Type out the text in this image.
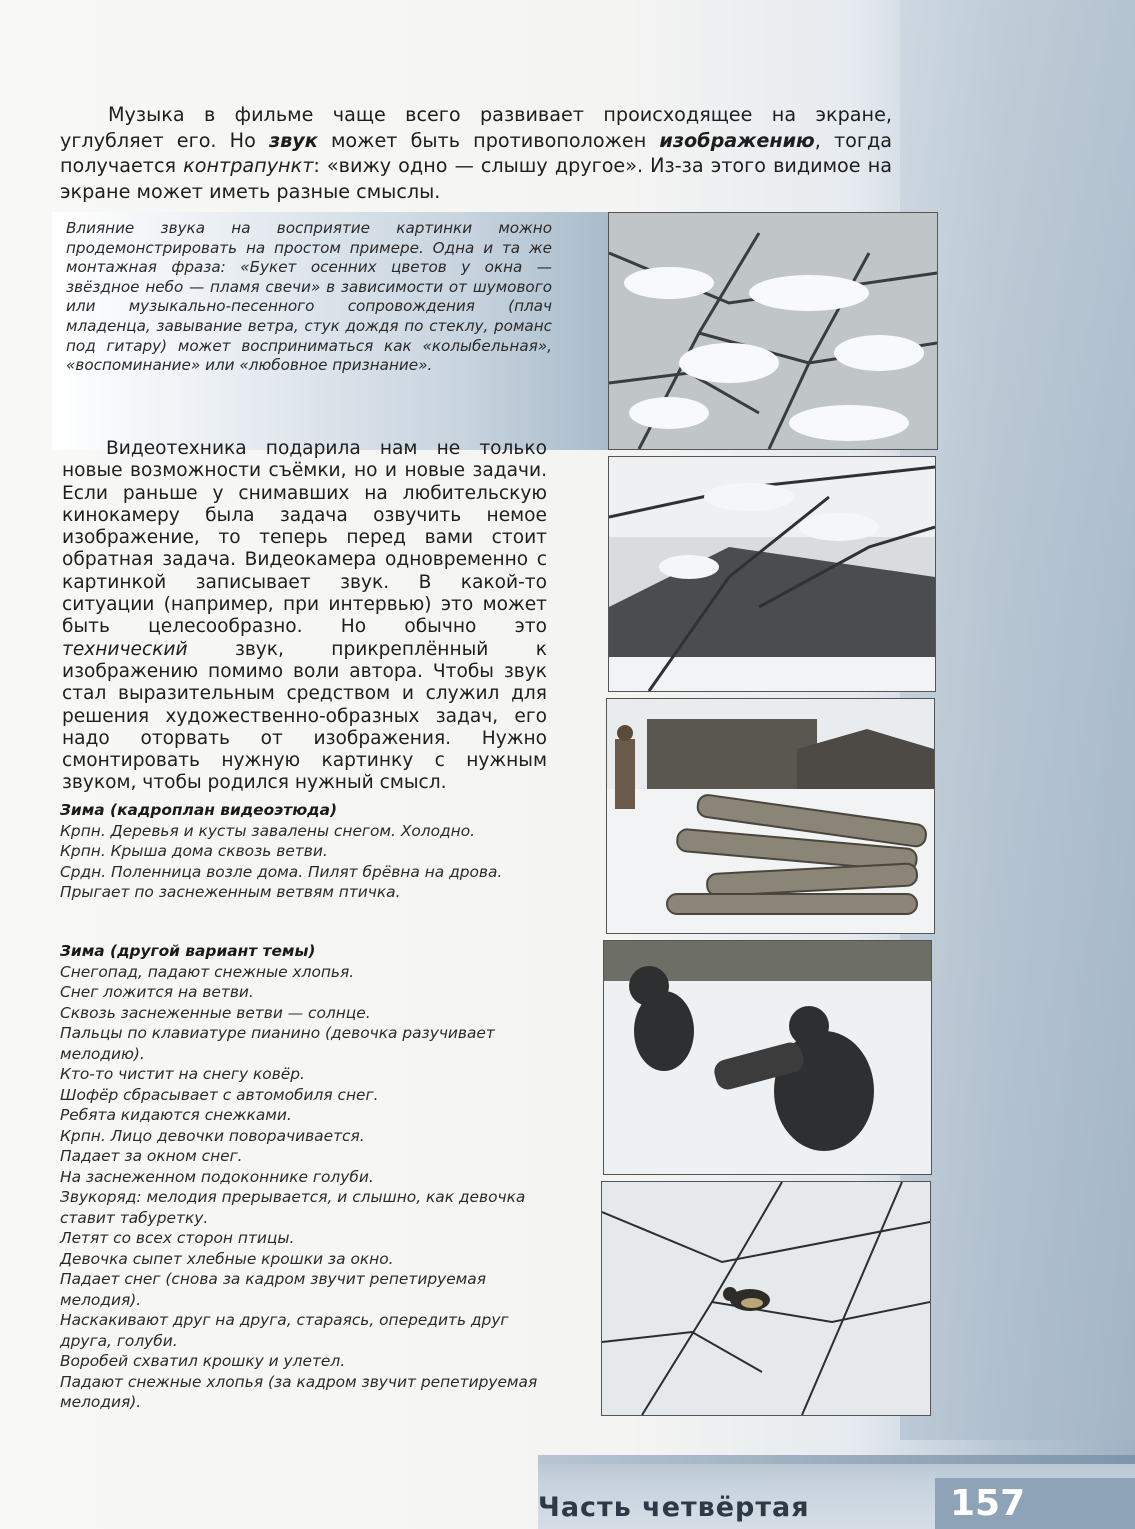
Музыка в фильме чаще всего развивает происходящее на экране, углубляет его. Но звук может быть противоположен изображению, тогда получается контрапункт: «вижу одно — слышу другое». Из-за этого видимое на экране может иметь разные смыслы.

Влияние звука на восприятие картинки можно продемонстрировать на простом примере. Одна и та же монтажная фраза: «Букет осенних цветов у окна — звёздное небо — пламя свечи» в зависимости от шумового или музыкально-песенного сопровождения (плач младенца, завывание ветра, стук дождя по стеклу, романс под гитару) может восприниматься как «колыбельная», «воспоминание» или «любовное признание».

Видеотехника подарила нам не только новые возможности съёмки, но и новые задачи. Если раньше у снимавших на любительскую кинокамеру была задача озвучить немое изображение, то теперь перед вами стоит обратная задача. Видеокамера одновременно с картинкой записывает звук. В какой-то ситуации (например, при интервью) это может быть целесообразно. Но обычно это технический звук, прикреплённый к изображению помимо воли автора. Чтобы звук стал выразительным средством и служил для решения художественно-образных задач, его надо оторвать от изображения. Нужно смонтировать нужную картинку с нужным звуком, чтобы родился нужный смысл.

Зима (кадроплан видеоэтюда)
Крпн. Деревья и кусты завалены снегом. Холодно.
Крпн. Крыша дома сквозь ветви.
Срдн. Поленница возле дома. Пилят брёвна на дрова.
Прыгает по заснеженным ветвям птичка.
Зима (другой вариант темы)
Снегопад, падают снежные хлопья.
Снег ложится на ветви.
Сквозь заснеженные ветви — солнце.
Пальцы по клавиатуре пианино (девочка разучивает мелодию).
Кто-то чистит на снегу ковёр.
Шофёр сбрасывает с автомобиля снег.
Ребята кидаются снежками.
Крпн. Лицо девочки поворачивается.
Падает за окном снег.
На заснеженном подоконнике голуби.
Звукоряд: мелодия прерывается, и слышно, как девочка ставит табуретку.
Летят со всех сторон птицы.
Девочка сыпет хлебные крошки за окно.
Падает снег (снова за кадром звучит репетируемая мелодия).
Наскакивают друг на друга, стараясь, опередить друг друга, голуби.
Воробей схватил крошку и улетел.
Падают снежные хлопья (за кадром звучит репетируемая мелодия).
Часть четвёртая	157
